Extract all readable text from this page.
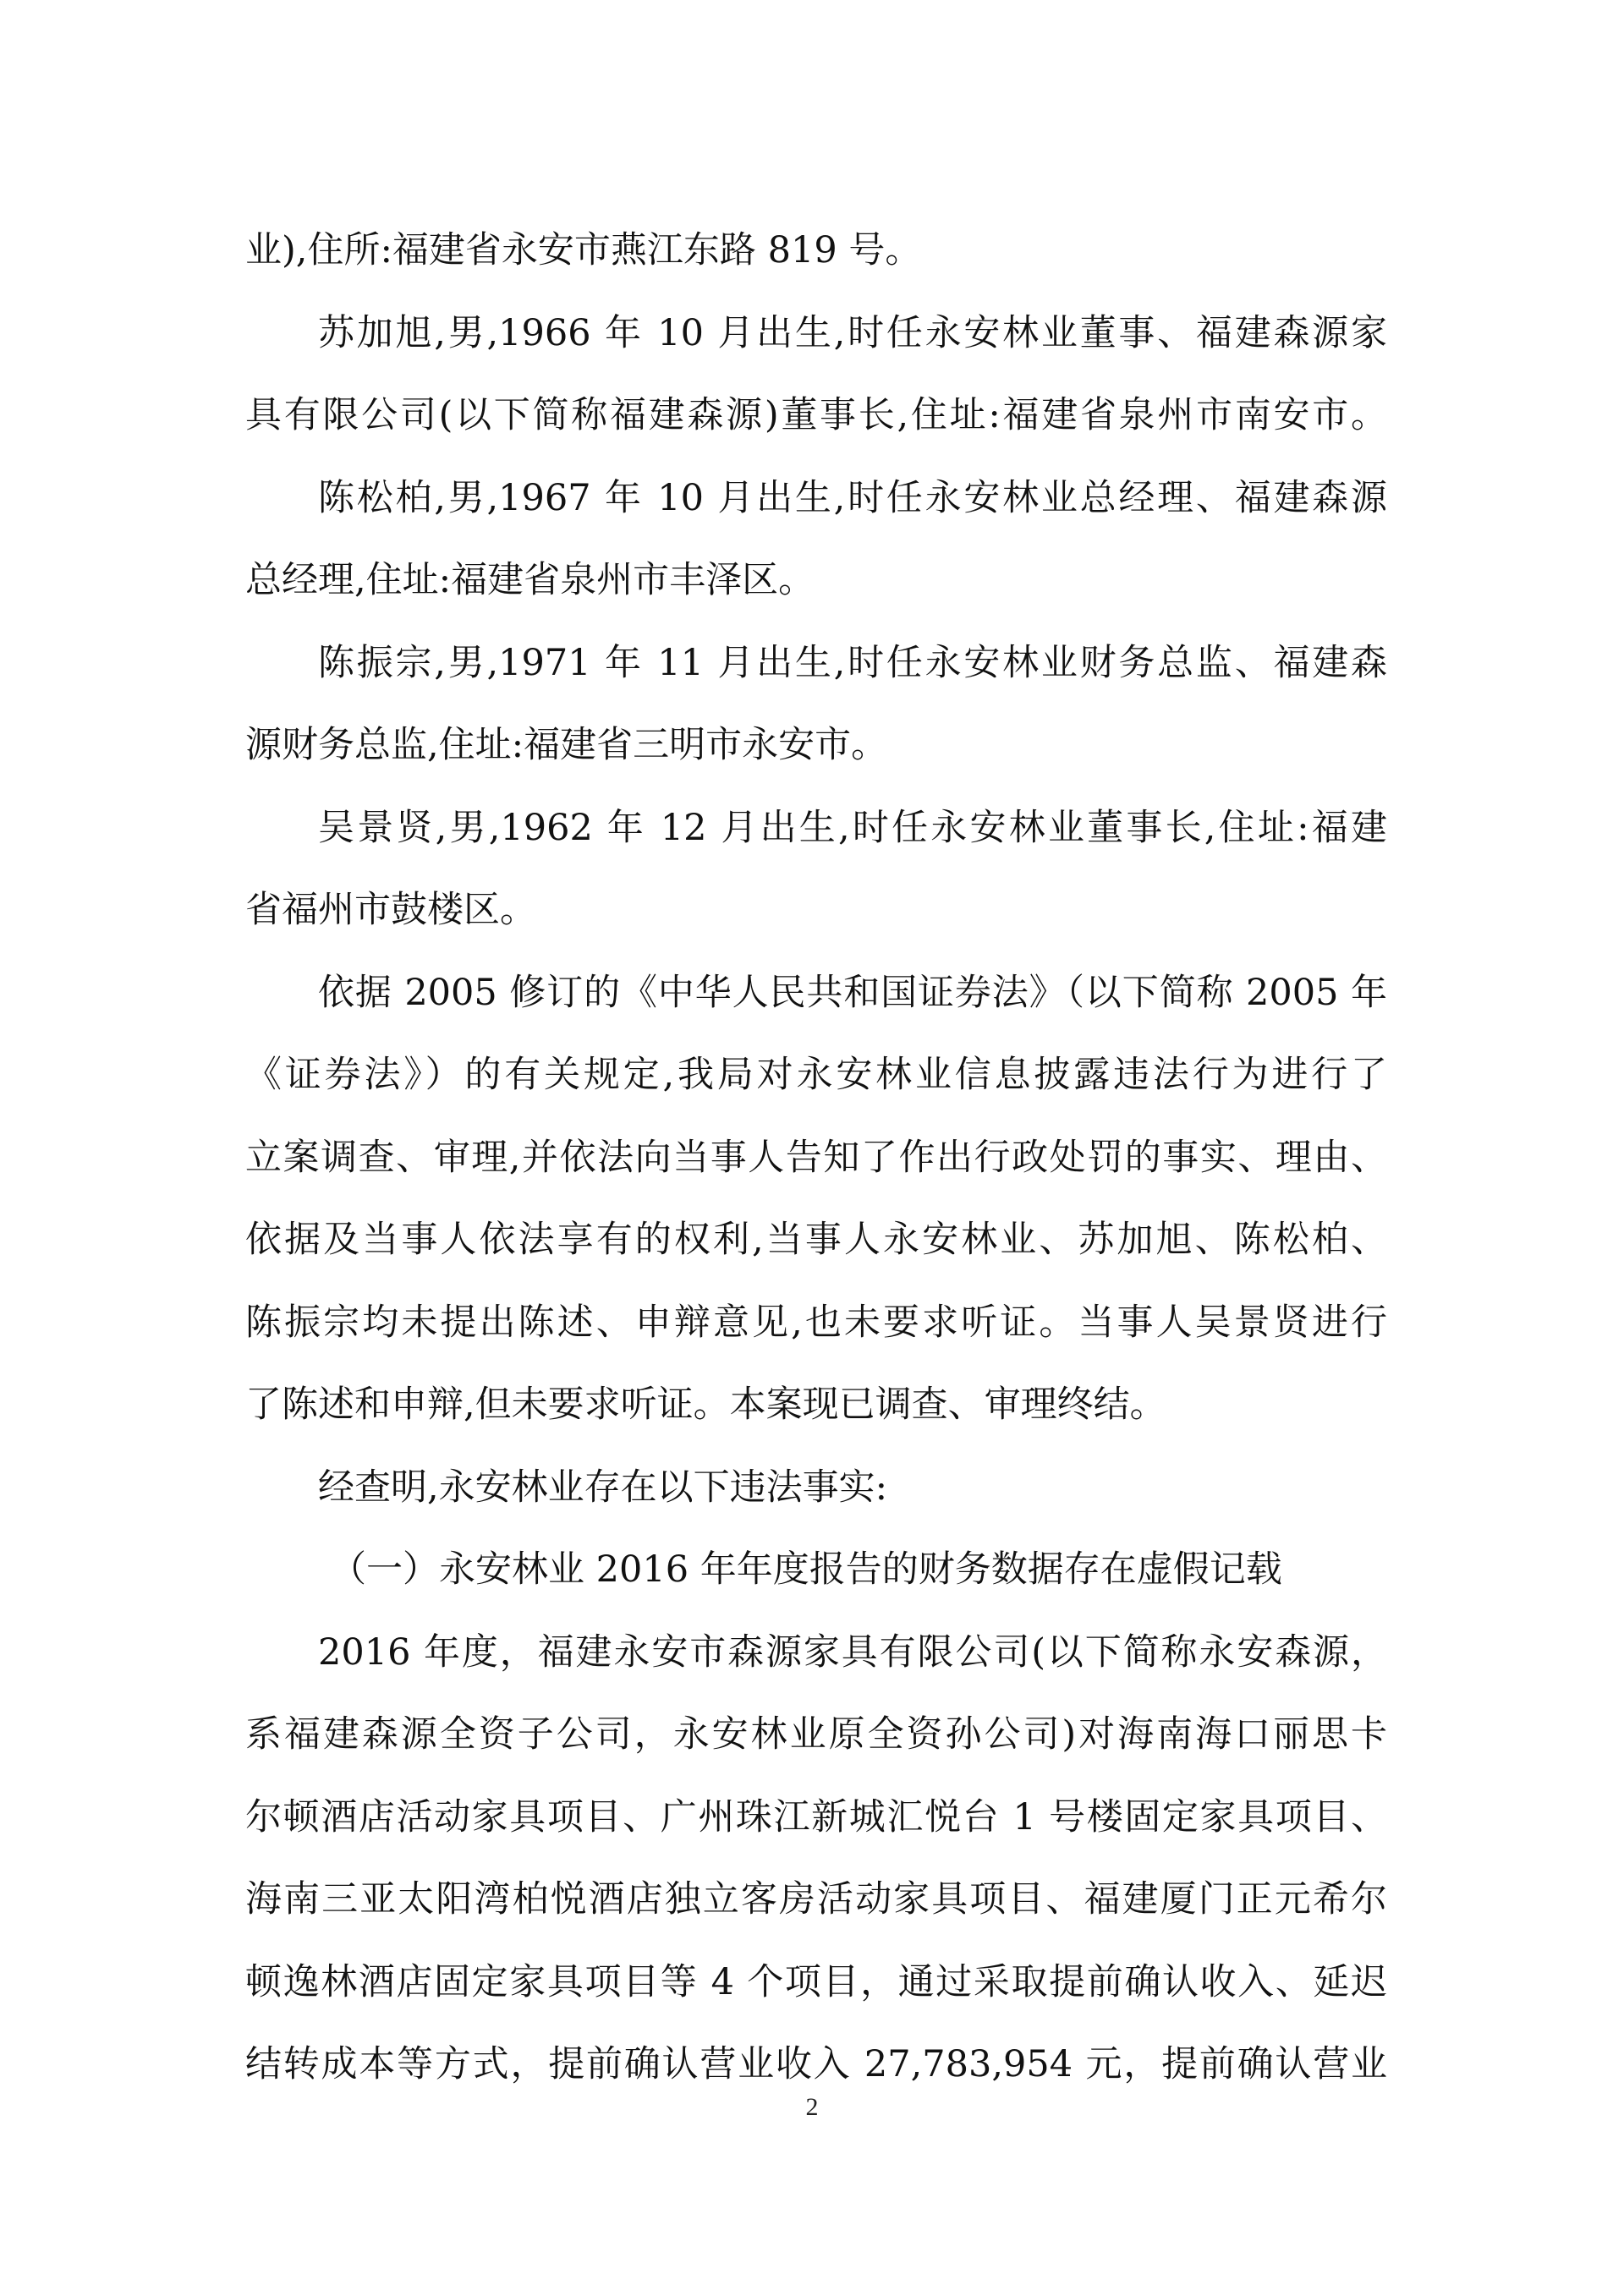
业),住所:福建省永安市燕江东路 819 号。
苏加旭,男,1966 年 10 月出生,时任永安林业董事、福建森源家
具有限公司(以下简称福建森源)董事长,住址:福建省泉州市南安市。
陈松柏,男,1967 年 10 月出生,时任永安林业总经理、福建森源
总经理,住址:福建省泉州市丰泽区。
陈振宗,男,1971 年 11 月出生,时任永安林业财务总监、福建森
源财务总监,住址:福建省三明市永安市。
吴景贤,男,1962 年 12 月出生,时任永安林业董事长,住址:福建
省福州市鼓楼区。
依据 2005 修订的《中华人民共和国证券法》（以下简称 2005 年
《证券法》）的有关规定,我局对永安林业信息披露违法行为进行了
立案调查、审理,并依法向当事人告知了作出行政处罚的事实、理由、
依据及当事人依法享有的权利,当事人永安林业、苏加旭、陈松柏、
陈振宗均未提出陈述、申辩意见,也未要求听证。当事人吴景贤进行
了陈述和申辩,但未要求听证。本案现已调查、审理终结。
经查明,永安林业存在以下违法事实:
（一）永安林业 2016 年年度报告的财务数据存在虚假记载
2016 年度，福建永安市森源家具有限公司(以下简称永安森源，
系福建森源全资子公司，永安林业原全资孙公司)对海南海口丽思卡
尔顿酒店活动家具项目、广州珠江新城汇悦台 1 号楼固定家具项目、
海南三亚太阳湾柏悦酒店独立客房活动家具项目、福建厦门正元希尔
顿逸林酒店固定家具项目等 4 个项目，通过采取提前确认收入、延迟
结转成本等方式，提前确认营业收入 27,783,954 元，提前确认营业
2
